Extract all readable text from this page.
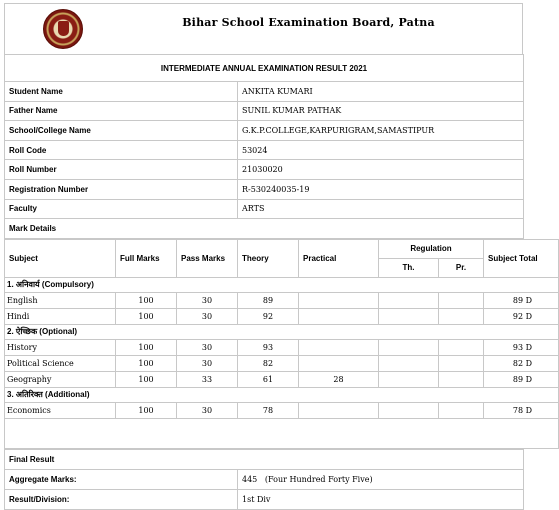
Bihar School Examination Board, Patna
INTERMEDIATE ANNUAL EXAMINATION RESULT 2021	
Student Name	ANKITA KUMARI
Father Name	SUNIL KUMAR PATHAK
School/College Name	G.K.P.COLLEGE,KARPURIGRAM,SAMASTIPUR
Roll Code	53024
Roll Number	21030020
Registration Number	R-530240035-19
Faculty	ARTS
Mark Details	
Subject	Full Marks	Pass Marks	Theory	Practical	Regulation		Subject Total
					Th.	Pr.	
1. अनिवार्य (Compulsory)							
English	100	30	89				89 D
Hindi	100	30	92				92 D
2. ऐच्छिक (Optional)							
History	100	30	93				93 D
Political Science	100	30	82				82 D
Geography	100	33	61	28			89 D
3. अतिरिक्त (Additional)							
Economics	100	30	78				78 D

Final Result	
Aggregate Marks:	445   (Four Hundred Forty Five)
Result/Division:	1st Div
